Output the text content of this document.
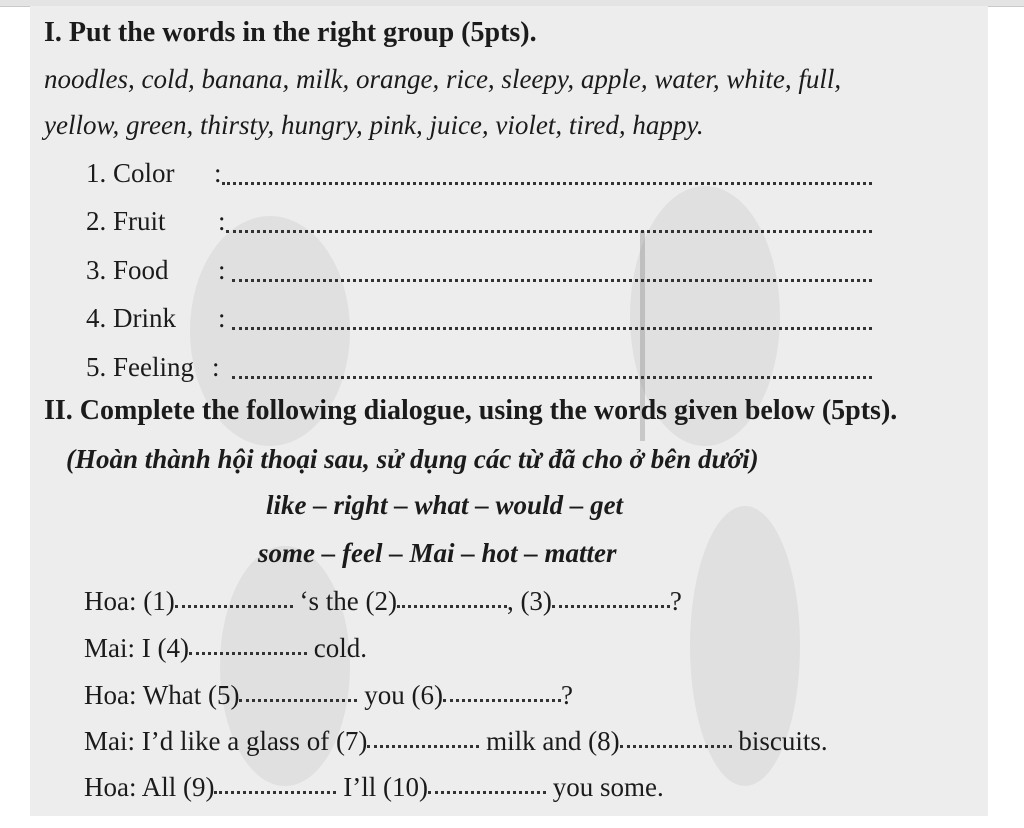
I. Put the words in the right group (5pts).
noodles, cold, banana, milk, orange, rice, sleepy, apple, water, white, full,
yellow, green, thirsty, hungry, pink, juice, violet, tired, happy.
1. Color :
2. Fruit :
3. Food :
4. Drink :
5. Feeling :
II. Complete the following dialogue, using the words given below (5pts).
(Hoàn thành hội thoại sau, sử dụng các từ đã cho ở bên dưới)
like – right – what – would – get
some – feel – Mai – hot – matter
Hoa: (1)	‘s the (2)	, (3)	?
Mai: I (4)	cold.
Hoa: What (5)	you (6)	?
Mai: I’d like a glass of (7)	milk and (8)	biscuits.
Hoa: All (9)	I’ll (10)	you some.
